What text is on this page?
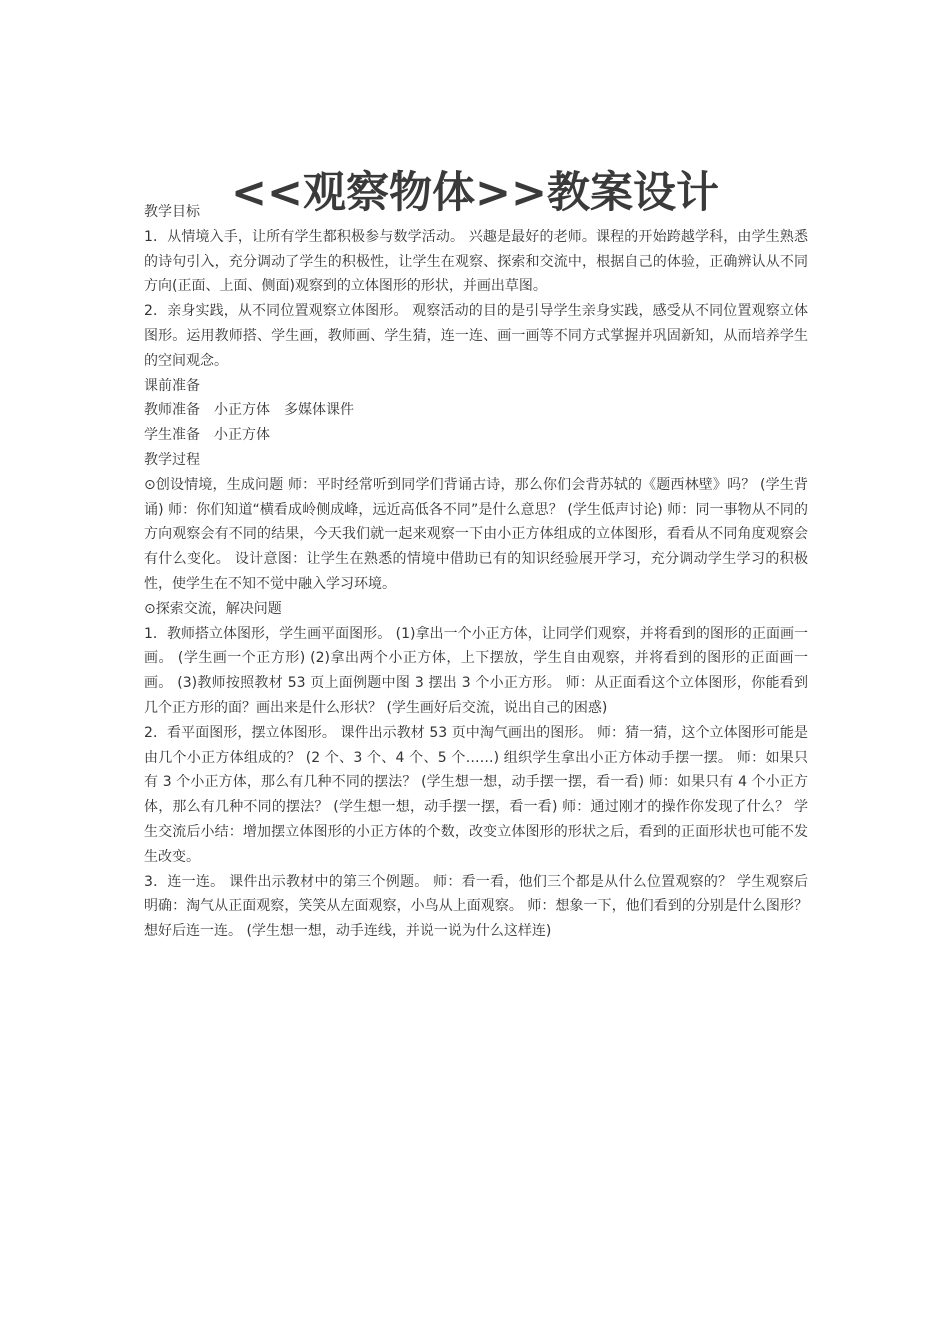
<<观察物体>>教案设计

教学目标

1．从情境入手，让所有学生都积极参与数学活动。 兴趣是最好的老师。课程的开始跨越学科，由学生熟悉的诗句引入，充分调动了学生的积极性，让学生在观察、探索和交流中，根据自己的体验，正确辨认从不同方向(正面、上面、侧面)观察到的立体图形的形状，并画出草图。

2．亲身实践，从不同位置观察立体图形。 观察活动的目的是引导学生亲身实践，感受从不同位置观察立体图形。运用教师搭、学生画，教师画、学生猜，连一连、画一画等不同方式掌握并巩固新知，从而培养学生的空间观念。

课前准备

教师准备　小正方体　多媒体课件

学生准备　小正方体

教学过程

⊙创设情境，生成问题 师：平时经常听到同学们背诵古诗，那么你们会背苏轼的《题西林壁》吗？ (学生背诵) 师：你们知道“横看成岭侧成峰，远近高低各不同”是什么意思？ (学生低声讨论) 师：同一事物从不同的方向观察会有不同的结果，今天我们就一起来观察一下由小正方体组成的立体图形，看看从不同角度观察会有什么变化。 设计意图：让学生在熟悉的情境中借助已有的知识经验展开学习，充分调动学生学习的积极性，使学生在不知不觉中融入学习环境。

⊙探索交流，解决问题

1．教师搭立体图形，学生画平面图形。 (1)拿出一个小正方体，让同学们观察，并将看到的图形的正面画一画。 (学生画一个正方形) (2)拿出两个小正方体，上下摆放，学生自由观察，并将看到的图形的正面画一画。 (3)教师按照教材 53 页上面例题中图 3 摆出 3 个小正方形。 师：从正面看这个立体图形，你能看到几个正方形的面？画出来是什么形状？ (学生画好后交流，说出自己的困惑)

2．看平面图形，摆立体图形。 课件出示教材 53 页中淘气画出的图形。 师：猜一猜，这个立体图形可能是由几个小正方体组成的？ (2 个、3 个、4 个、5 个……) 组织学生拿出小正方体动手摆一摆。 师：如果只有 3 个小正方体，那么有几种不同的摆法？ (学生想一想，动手摆一摆，看一看) 师：如果只有 4 个小正方体，那么有几种不同的摆法？ (学生想一想，动手摆一摆，看一看) 师：通过刚才的操作你发现了什么？ 学生交流后小结：增加摆立体图形的小正方体的个数，改变立体图形的形状之后，看到的正面形状也可能不发生改变。

3．连一连。 课件出示教材中的第三个例题。 师：看一看，他们三个都是从什么位置观察的？ 学生观察后明确：淘气从正面观察，笑笑从左面观察，小鸟从上面观察。 师：想象一下，他们看到的分别是什么图形？想好后连一连。 (学生想一想，动手连线，并说一说为什么这样连)
